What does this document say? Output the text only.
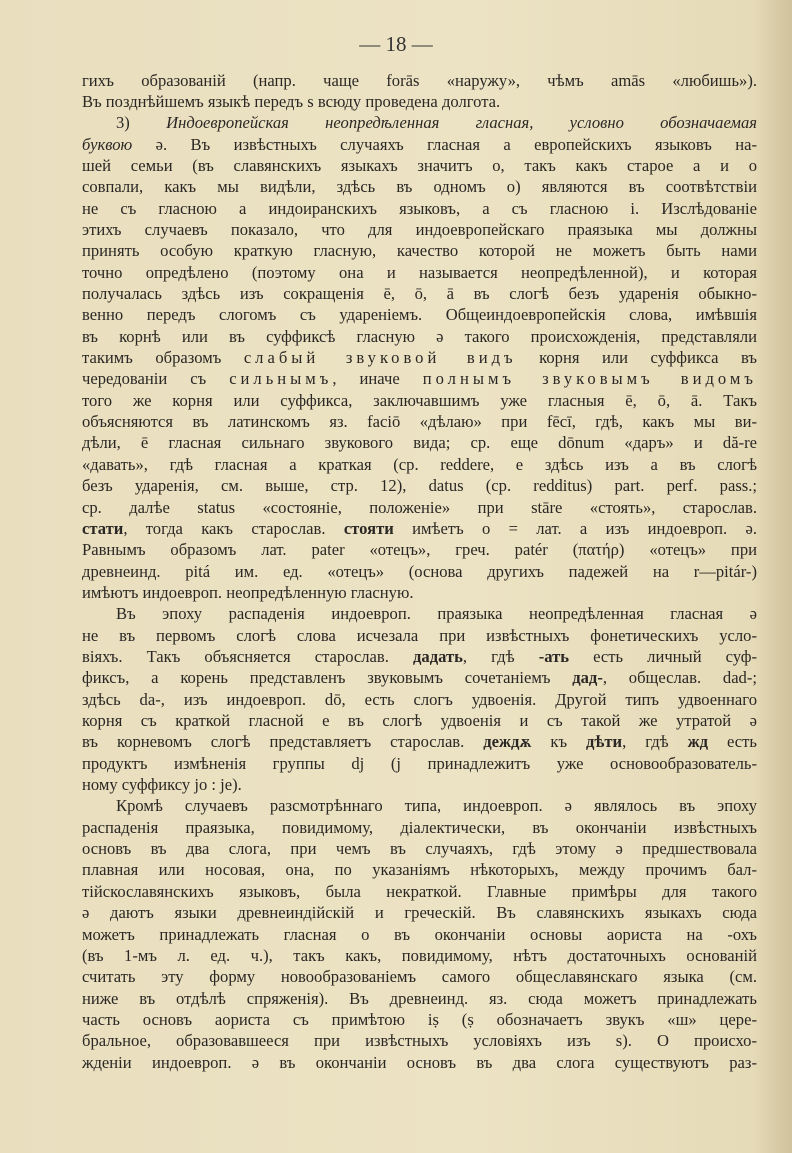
— 18 —
гихъ образованій (напр. чаще forās «наружу», чѣмъ amās «любишь»).
Въ позднѣйшемъ языкѣ передъ s всюду проведена долгота.
3) Индоевропейская неопредѣленная гласная, условно обозначаемая
буквою ə. Въ извѣстныхъ случаяхъ гласная a европейскихъ языковъ на-
шей семьи (въ славянскихъ языкахъ значитъ о, такъ какъ старое a и o
совпали, какъ мы видѣли, здѣсь въ одномъ o) являются въ соотвѣтствіи
не съ гласною a индоиранскихъ языковъ, а съ гласною i. Изслѣдованіе
этихъ случаевъ показало, что для индоевропейскаго праязыка мы должны
принять особую краткую гласную, качество которой не можетъ быть нами
точно опредѣлено (поэтому она и называется неопредѣленной), и которая
получалась здѣсь изъ сокращенія ē, ō, ā въ слогѣ безъ ударенія обыкно-
венно передъ слогомъ съ удареніемъ. Общеиндоевропейскія слова, имѣвшія
въ корнѣ или въ суффиксѣ гласную ə такого происхожденія, представляли
такимъ образомъ слабый звуковой видъ корня или суффикса въ
чередованіи съ сильнымъ, иначе полнымъ звуковымъ видомъ
того же корня или суффикса, заключавшимъ уже гласныя ē, ō, ā. Такъ
объясняются въ латинскомъ яз. faciō «дѣлаю» при fēcī, гдѣ, какъ мы ви-
дѣли, ē гласная сильнаго звукового вида; ср. еще dōnum «даръ» и dă-re
«давать», гдѣ гласная a краткая (ср. reddere, e здѣсь изъ a въ слогѣ
безъ ударенія, см. выше, стр. 12), datus (ср. redditus) part. perf. pass.;
ср. далѣе status «состояніе, положеніе» при stāre «стоять», старослав.
стати, тогда какъ старослав. стояти имѣетъ o = лат. a изъ индоевроп. ə.
Равнымъ образомъ лат. pater «отецъ», греч. patér (πατήρ) «отецъ» при
древнеинд. pitá им. ед. «отецъ» (основа другихъ падежей на r—pitár-)
имѣютъ индоевроп. неопредѣленную гласную.
Въ эпоху распаденія индоевроп. праязыка неопредѣленная гласная ə
не въ первомъ слогѣ слова исчезала при извѣстныхъ фонетическихъ усло-
віяхъ. Такъ объясняется старослав. дадать, гдѣ -ать есть личный суф-
фиксъ, а корень представленъ звуковымъ сочетаніемъ дад-, общеслав. dad-;
здѣсь da-, изъ индоевроп. dō, есть слогъ удвоенія. Другой типъ удвоеннаго
корня съ краткой гласной e въ слогѣ удвоенія и съ такой же утратой ə
въ корневомъ слогѣ представляетъ старослав. деждѫ къ дѣти, гдѣ жд есть
продуктъ измѣненія группы dj (j принадлежитъ уже основообразователь-
ному суффиксу jo : je).
Кромѣ случаевъ разсмотрѣннаго типа, индоевроп. ə являлось въ эпоху
распаденія праязыка, повидимому, діалектически, въ окончаніи извѣстныхъ
основъ въ два слога, при чемъ въ случаяхъ, гдѣ этому ə предшествовала
плавная или носовая, она, по указаніямъ нѣкоторыхъ, между прочимъ бал-
тійскославянскихъ языковъ, была некраткой. Главные примѣры для такого
ə даютъ языки древнеиндійскій и греческій. Въ славянскихъ языкахъ сюда
можетъ принадлежать гласная o въ окончаніи основы аориста на -охъ
(въ 1-мъ л. ед. ч.), такъ какъ, повидимому, нѣтъ достаточныхъ основаній
считать эту форму новообразованіемъ самого общеславянскаго языка (см.
ниже въ отдѣлѣ спряженія). Въ древнеинд. яз. сюда можетъ принадлежать
часть основъ аориста съ примѣтою iṣ (ṣ обозначаетъ звукъ «ш» цере-
бральное, образовавшееся при извѣстныхъ условіяхъ изъ s). О происхо-
жденіи индоевроп. ə въ окончаніи основъ въ два слога существуютъ раз-
